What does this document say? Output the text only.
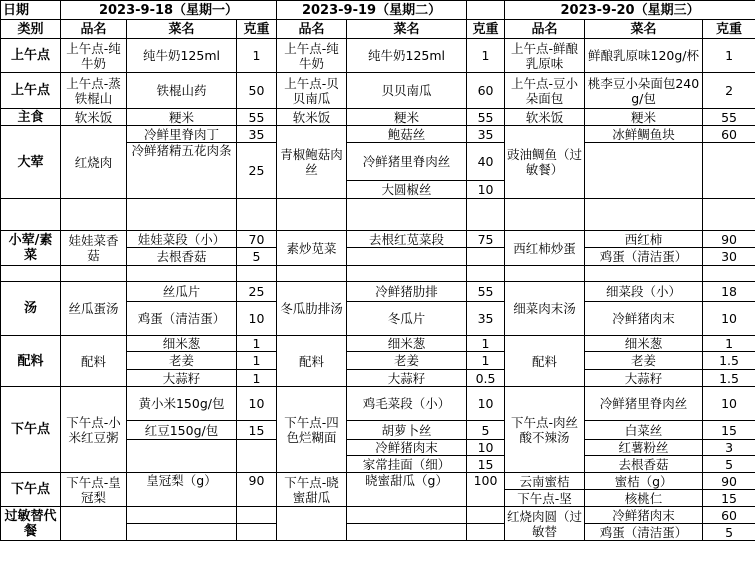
日期	2023-9-18（星期一）			2023-9-19（星期二）			2023-9-20（星期三）		
类别	品名	菜名	克重	品名	菜名	克重	品名	菜名	克重
上午点	上午点-纯牛奶	纯牛奶125ml	1	上午点-纯牛奶	纯牛奶125ml	1	上午点-鲜酿乳原味	鲜酿乳原味120g/杯	1
上午点	上午点-蒸铁棍山	铁棍山药	50	上午点-贝贝南瓜	贝贝南瓜	60	上午点-豆小朵面包	桃李豆小朵面包240g/包	2
主食	软米饭	粳米	55	软米饭	粳米	55	软米饭	粳米	55
大荤	红烧肉	冷鲜里脊肉丁	35	青椒鲍菇肉丝	鲍菇丝	35	豉油鲷鱼（过敏餐）	冰鲜鲷鱼块	60
		冷鲜猪精五花肉条	25		冷鲜猪里脊肉丝	40			
					大圆椒丝	10			

小荤/素菜	娃娃菜香菇	娃娃菜段（小）	70	素炒苋菜	去根红苋菜段	75	西红柿炒蛋	西红柿	90
		去根香菇	5					鸡蛋（清洁蛋）	30

汤	丝瓜蛋汤	丝瓜片	25	冬瓜肋排汤	冷鲜猪肋排	55	细菜肉末汤	细菜段（小）	18
		鸡蛋（清洁蛋）	10		冬瓜片	35		冷鲜猪肉末	10
配料	配料	细米葱	1	配料	细米葱	1	配料	细米葱	1
		老姜	1		老姜	1		老姜	1.5
		大蒜籽	1		大蒜籽	0.5		大蒜籽	1.5
下午点	下午点-小米红豆粥	黄小米150g/包	10	下午点-四色烂糊面	鸡毛菜段（小）	10	下午点-肉丝酸不辣汤	冷鲜猪里脊肉丝	10
		红豆150g/包	15		胡萝卜丝	5		白菜丝	15
					冷鲜猪肉末	10		红薯粉丝	3
					家常挂面（细）	15		去根香菇	5
下午点	下午点-皇冠梨	皇冠梨（g）	90	下午点-晓蜜甜瓜	晓蜜甜瓜（g）	100	云南蜜桔	蜜桔（g）	90
							下午点-坚	核桃仁	15
过敏替代餐							红烧肉圆（过敏替	冷鲜猪肉末	60
								鸡蛋（清洁蛋）	5
